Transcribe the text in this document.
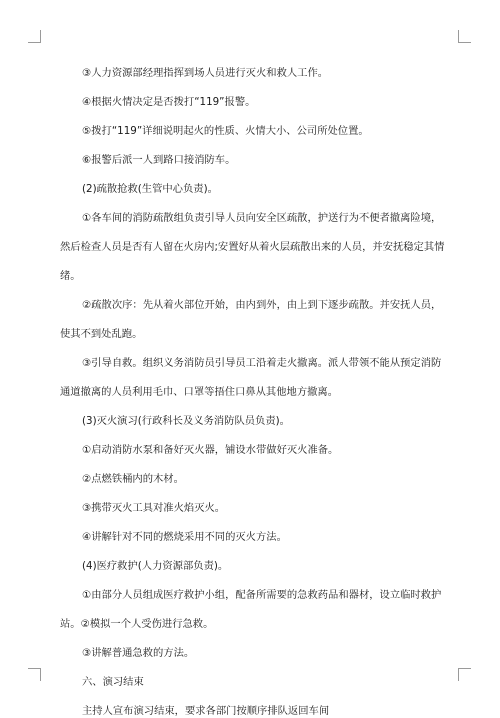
③人力资源部经理指挥到场人员进行灭火和救人工作。
④根据火情决定是否拨打“119”报警。
⑤拨打“119”详细说明起火的性质、火情大小、公司所处位置。
⑥报警后派一人到路口接消防车。
(2)疏散抢救(生管中心负责)。
①各车间的消防疏散组负责引导人员向安全区疏散，护送行为不便者撤离险境，
然后检查人员是否有人留在火房内;安置好从着火层疏散出来的人员，并安抚稳定其情
绪。
②疏散次序：先从着火部位开始，由内到外，由上到下逐步疏散。并安抚人员，
使其不到处乱跑。
③引导自救。组织义务消防员引导员工沿着走火撤离。派人带领不能从预定消防
通道撤离的人员利用毛巾、口罩等捂住口鼻从其他地方撤离。
(3)灭火演习(行政科长及义务消防队员负责)。
①启动消防水泵和备好灭火器，铺设水带做好灭火准备。
②点燃铁桶内的木材。
③携带灭火工具对准火焰灭火。
④讲解针对不同的燃烧采用不同的灭火方法。
(4)医疗救护(人力资源部负责)。
①由部分人员组成医疗救护小组，配备所需要的急救药品和器材，设立临时救护
站。②模拟一个人受伤进行急救。
③讲解普通急救的方法。
六、演习结束
主持人宣布演习结束，要求各部门按顺序排队返回车间
